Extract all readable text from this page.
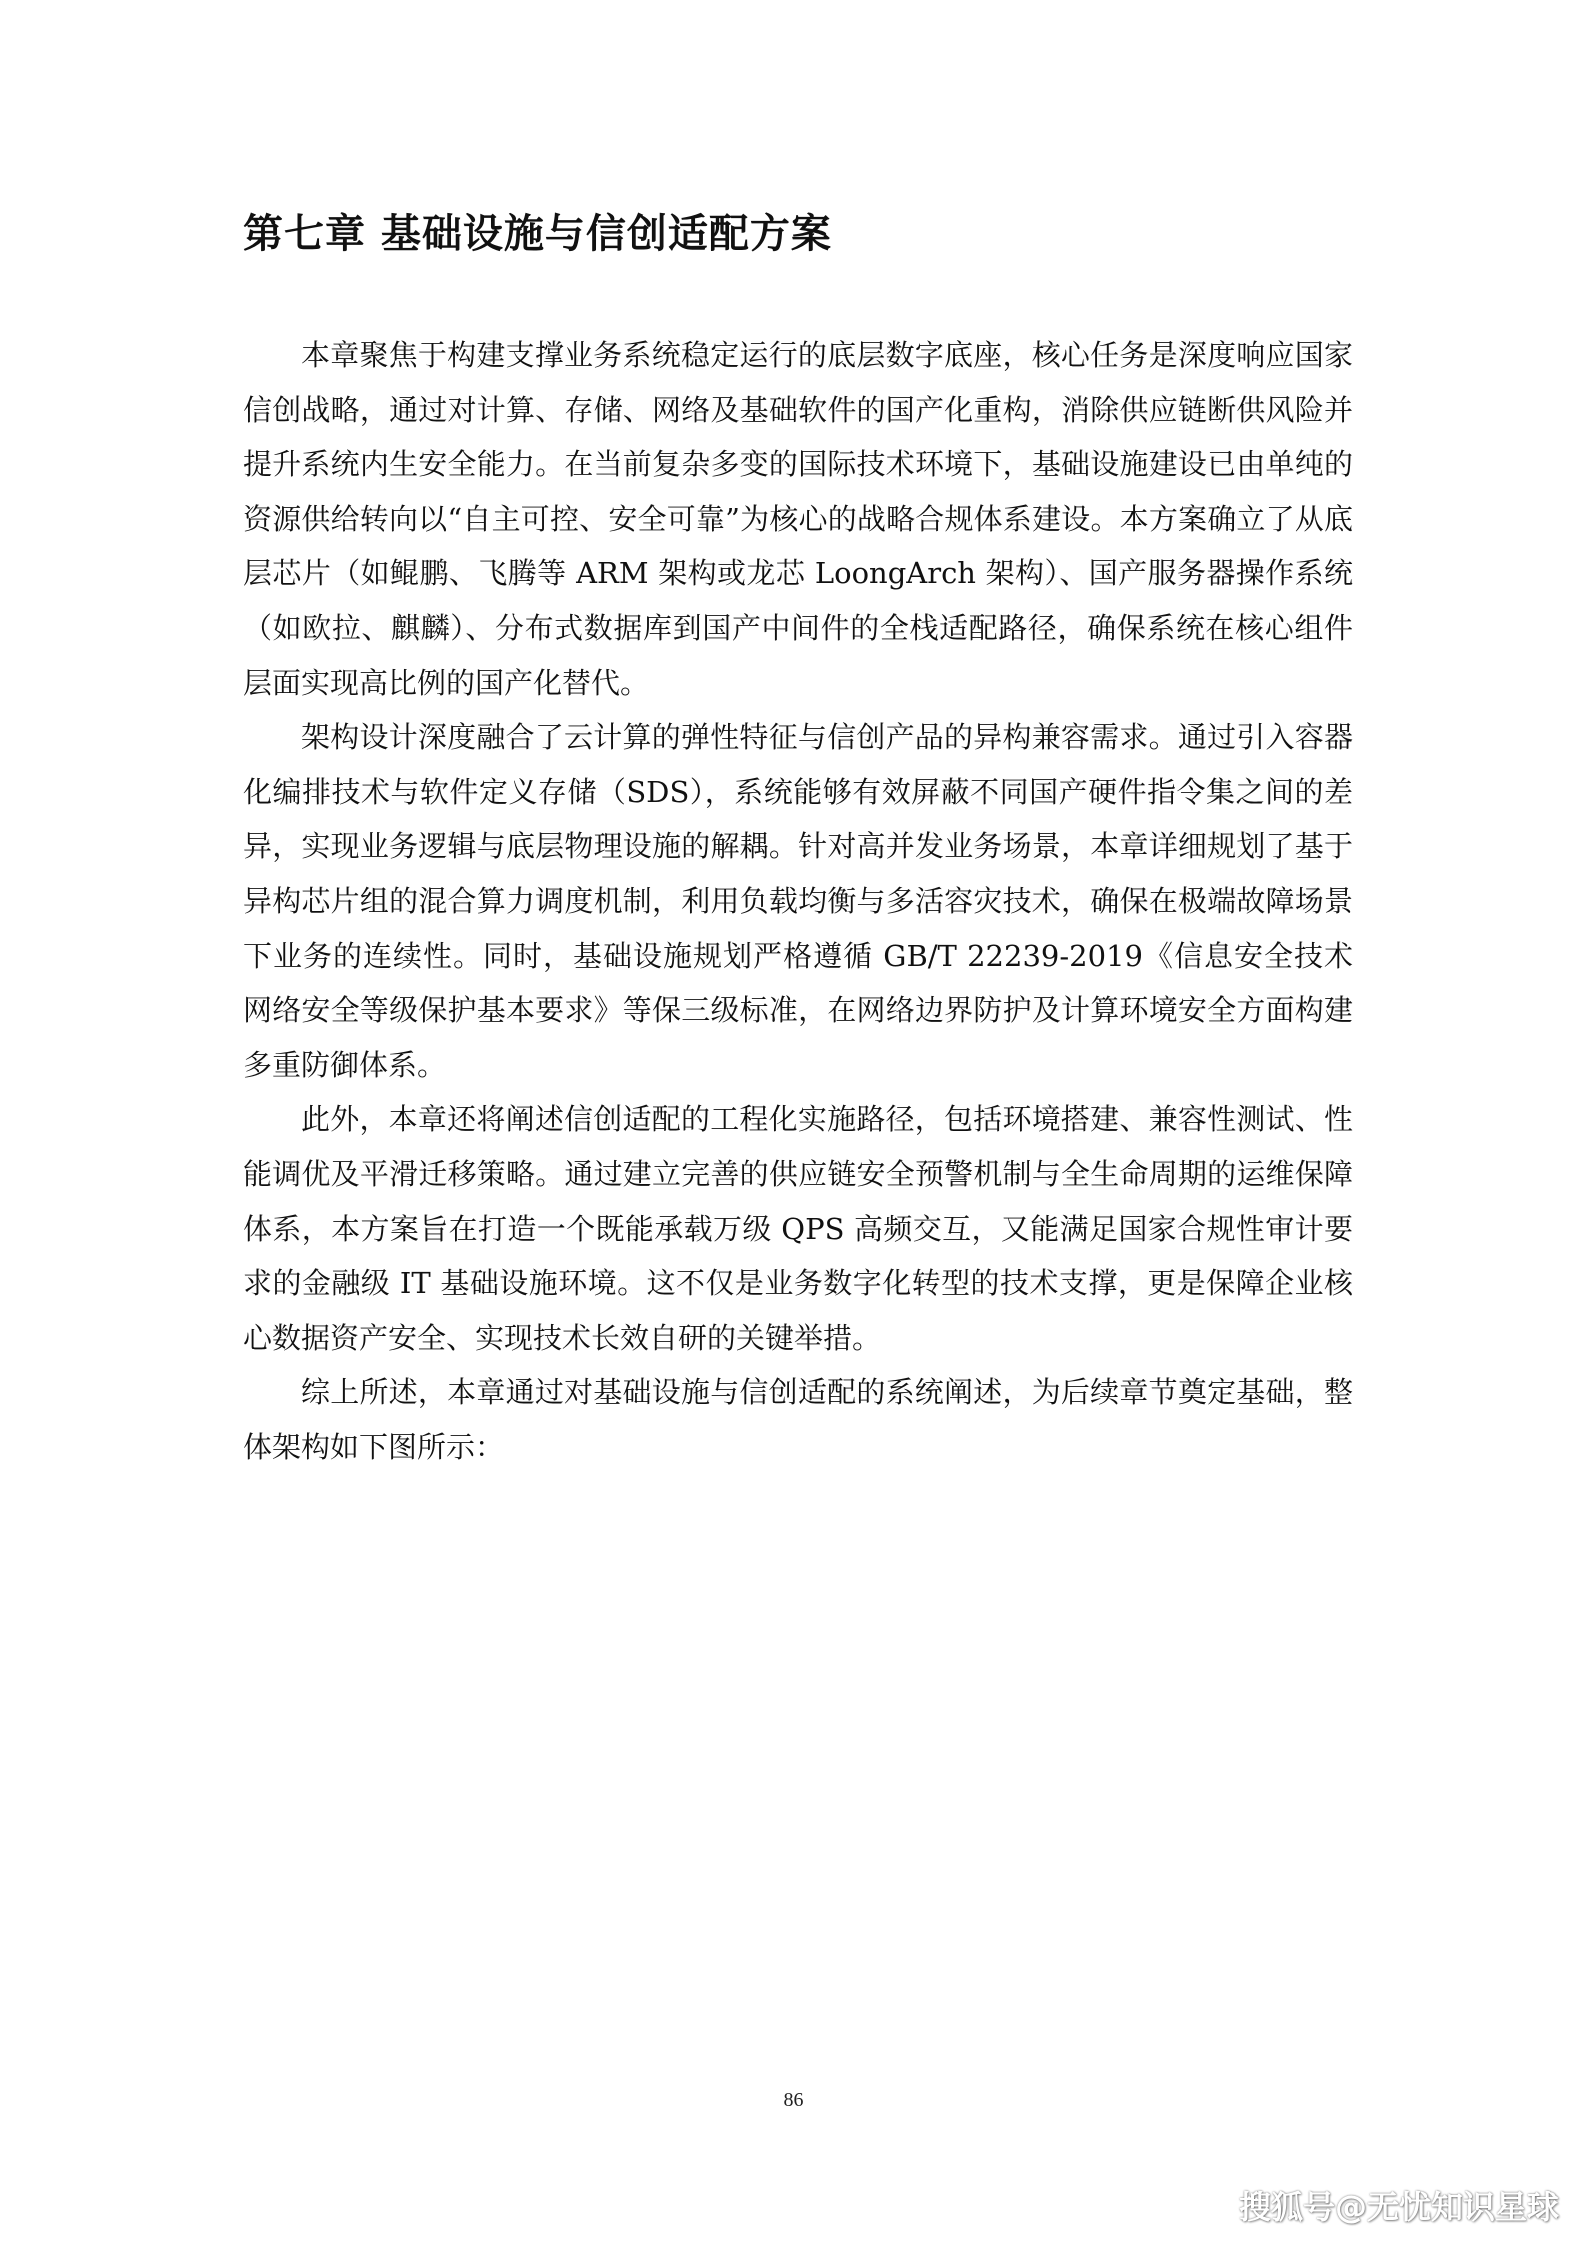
第七章 基础设施与信创适配方案

本章聚焦于构建支撑业务系统稳定运行的底层数字底座，核心任务是深度响应国家信创战略，通过对计算、存储、网络及基础软件的国产化重构，消除供应链断供风险并提升系统内生安全能力。在当前复杂多变的国际技术环境下，基础设施建设已由单纯的资源供给转向以“自主可控、安全可靠”为核心的战略合规体系建设。本方案确立了从底层芯片（如鲲鹏、飞腾等 ARM 架构或龙芯 LoongArch 架构）、国产服务器操作系统（如欧拉、麒麟）、分布式数据库到国产中间件的全栈适配路径，确保系统在核心组件层面实现高比例的国产化替代。

架构设计深度融合了云计算的弹性特征与信创产品的异构兼容需求。通过引入容器化编排技术与软件定义存储（SDS），系统能够有效屏蔽不同国产硬件指令集之间的差异，实现业务逻辑与底层物理设施的解耦。针对高并发业务场景，本章详细规划了基于异构芯片组的混合算力调度机制，利用负载均衡与多活容灾技术，确保在极端故障场景下业务的连续性。同时，基础设施规划严格遵循 GB/T 22239-2019《信息安全技术 网络安全等级保护基本要求》等保三级标准，在网络边界防护及计算环境安全方面构建多重防御体系。

此外，本章还将阐述信创适配的工程化实施路径，包括环境搭建、兼容性测试、性能调优及平滑迁移策略。通过建立完善的供应链安全预警机制与全生命周期的运维保障体系，本方案旨在打造一个既能承载万级 QPS 高频交互，又能满足国家合规性审计要求的金融级 IT 基础设施环境。这不仅是业务数字化转型的技术支撑，更是保障企业核心数据资产安全、实现技术长效自研的关键举措。

综上所述，本章通过对基础设施与信创适配的系统阐述，为后续章节奠定基础，整体架构如下图所示：

86
搜狐号@无忧知识星球
